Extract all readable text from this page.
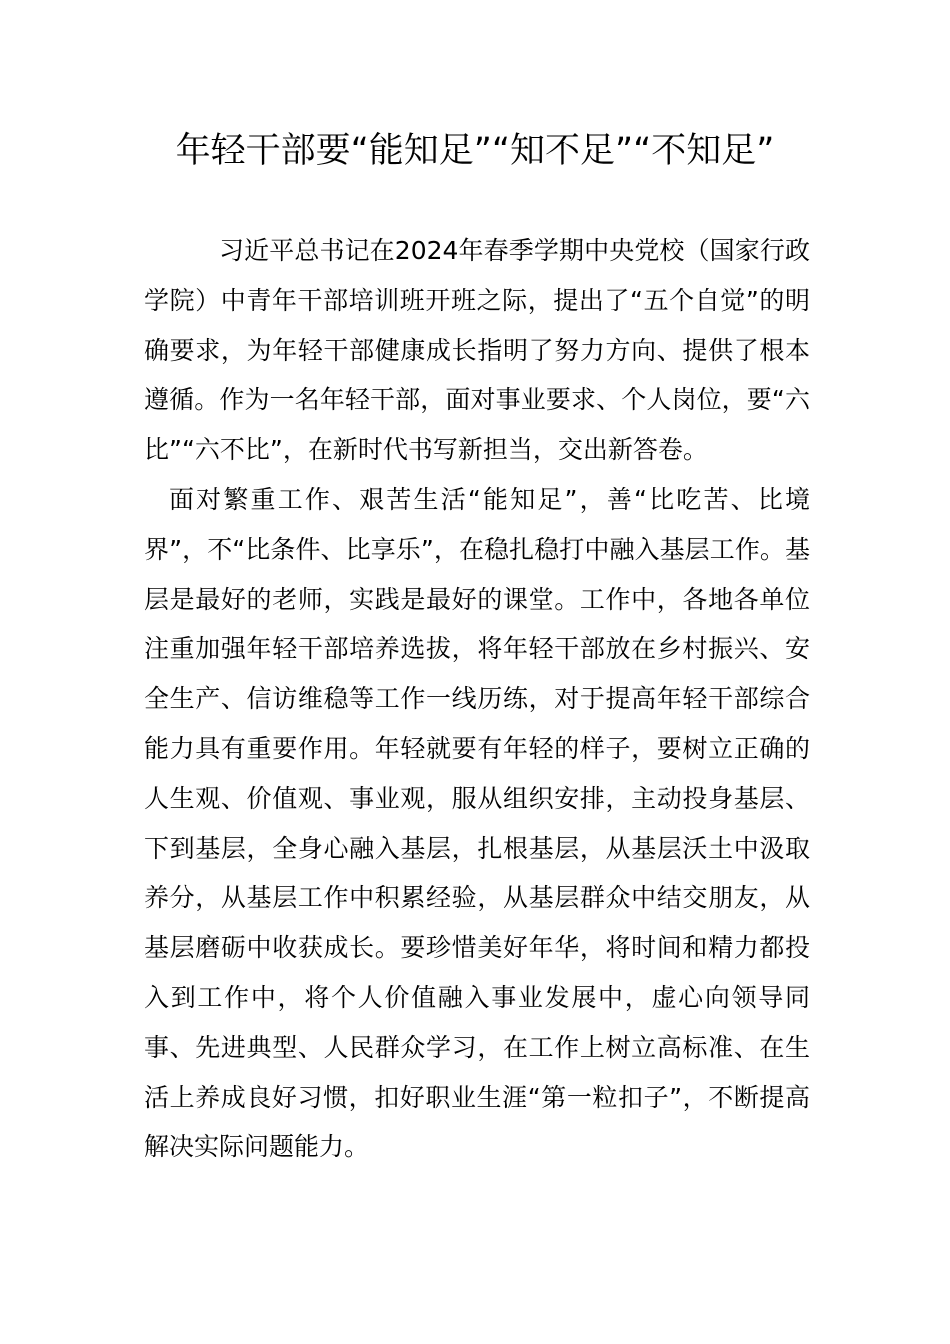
年轻干部要“能知足”“知不足”“不知足”

习近平总书记在2024年春季学期中央党校（国家行政学院）中青年干部培训班开班之际，提出了“五个自觉”的明确要求，为年轻干部健康成长指明了努力方向、提供了根本遵循。作为一名年轻干部，面对事业要求、个人岗位，要“六比”“六不比”，在新时代书写新担当，交出新答卷。

面对繁重工作、艰苦生活“能知足”，善“比吃苦、比境界”，不“比条件、比享乐”，在稳扎稳打中融入基层工作。基层是最好的老师，实践是最好的课堂。工作中，各地各单位注重加强年轻干部培养选拔，将年轻干部放在乡村振兴、安全生产、信访维稳等工作一线历练，对于提高年轻干部综合能力具有重要作用。年轻就要有年轻的样子，要树立正确的人生观、价值观、事业观，服从组织安排，主动投身基层、下到基层，全身心融入基层，扎根基层，从基层沃土中汲取养分，从基层工作中积累经验，从基层群众中结交朋友，从基层磨砺中收获成长。要珍惜美好年华，将时间和精力都投入到工作中，将个人价值融入事业发展中，虚心向领导同事、先进典型、人民群众学习，在工作上树立高标准、在生活上养成良好习惯，扣好职业生涯“第一粒扣子”，不断提高解决实际问题能力。
